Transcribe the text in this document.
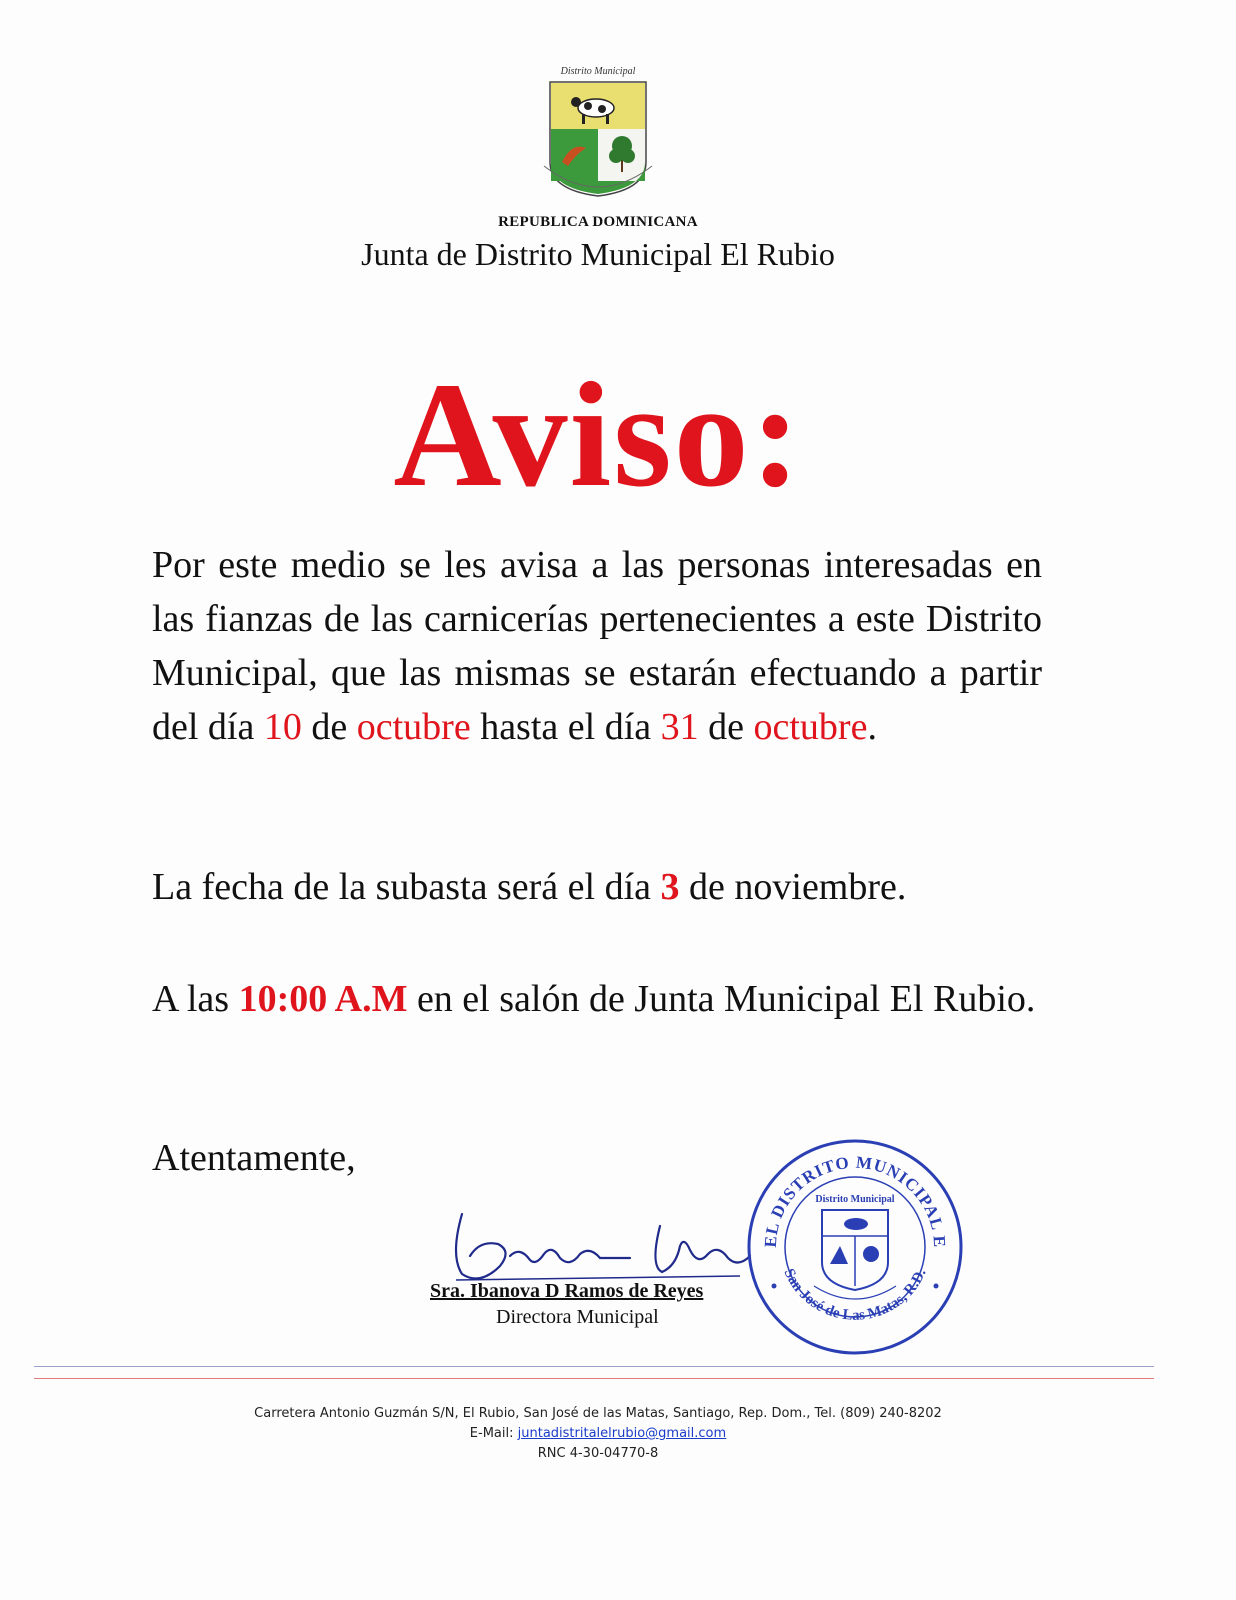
Distrito Municipal
REPUBLICA DOMINICANA
Junta de Distrito Municipal El Rubio
Aviso:
Por este medio se les avisa a las personas interesadas en las fianzas de las carnicerías pertenecientes a este Distrito Municipal, que las mismas se estarán efectuando a partir del día 10 de octubre hasta el día 31 de octubre.
La fecha de la subasta será el día 3 de noviembre.
A las 10:00 A.M en el salón de Junta Municipal El Rubio.
Atentamente,
Sra. Ibanova D Ramos de Reyes
Directora Municipal
EL DISTRITO MUNICIPAL E
San José de Las Matas, R.D.
Distrito Municipal
Carretera Antonio Guzmán S/N, El Rubio, San José de las Matas, Santiago, Rep. Dom., Tel. (809) 240-8202
E-Mail: juntadistritalelrubio@gmail.com
RNC 4-30-04770-8
